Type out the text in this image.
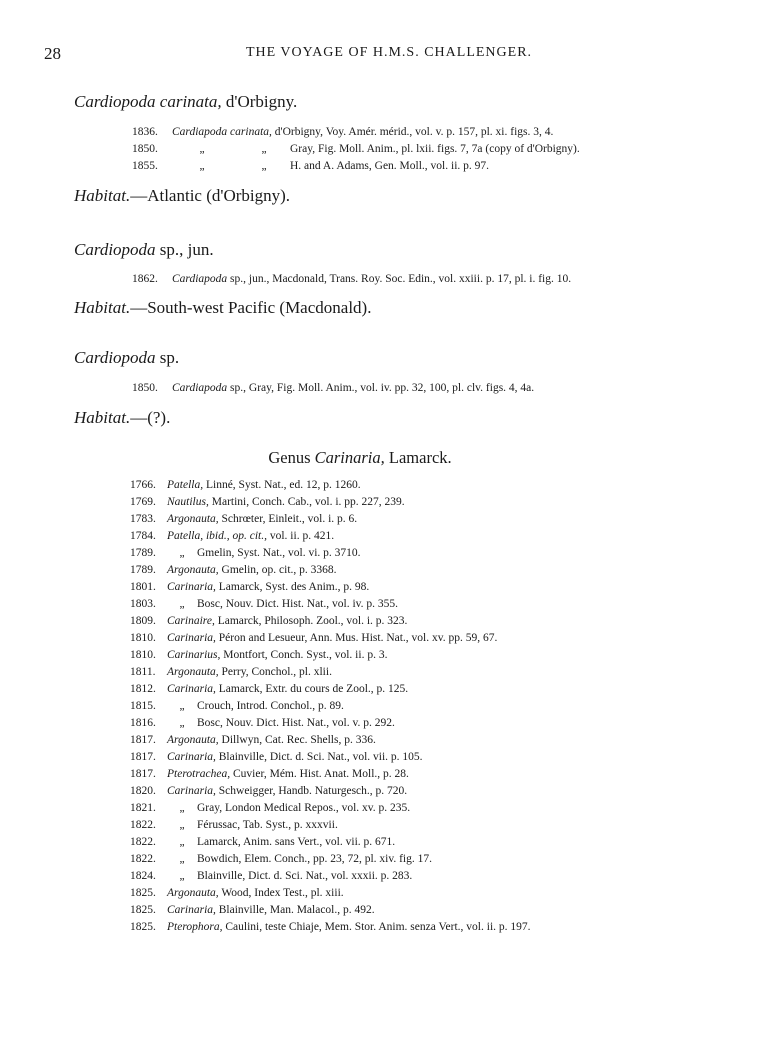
28	THE VOYAGE OF H.M.S. CHALLENGER.
Cardiopoda carinata, d'Orbigny.
1836. Cardiapoda carinata, d'Orbigny, Voy. Amér. mérid., vol. v. p. 157, pl. xi. figs. 3, 4.
1850.	„	„ Gray, Fig. Moll. Anim., pl. lxii. figs. 7, 7a (copy of d'Orbigny).
1855.	„	„ H. and A. Adams, Gen. Moll., vol. ii. p. 97.
Habitat.—Atlantic (d'Orbigny).
Cardiopoda sp., jun.
1862. Cardiapoda sp., jun., Macdonald, Trans. Roy. Soc. Edin., vol. xxiii. p. 17, pl. i. fig. 10.
Habitat.—South-west Pacific (Macdonald).
Cardiopoda sp.
1850. Cardiapoda sp., Gray, Fig. Moll. Anim., vol. iv. pp. 32, 100, pl. clv. figs. 4, 4a.
Habitat.—(?).
Genus Carinaria, Lamarck.
1766. Patella, Linné, Syst. Nat., ed. 12, p. 1260.
1769. Nautilus, Martini, Conch. Cab., vol. i. pp. 227, 239.
1783. Argonauta, Schrœter, Einleit., vol. i. p. 6.
1784. Patella, ibid., op. cit., vol. ii. p. 421.
1789. „ Gmelin, Syst. Nat., vol. vi. p. 3710.
1789. Argonauta, Gmelin, op. cit., p. 3368.
1801. Carinaria, Lamarck, Syst. des Anim., p. 98.
1803. „ Bosc, Nouv. Dict. Hist. Nat., vol. iv. p. 355.
1809. Carinaire, Lamarck, Philosoph. Zool., vol. i. p. 323.
1810. Carinaria, Péron and Lesueur, Ann. Mus. Hist. Nat., vol. xv. pp. 59, 67.
1810. Carinarius, Montfort, Conch. Syst., vol. ii. p. 3.
1811. Argonauta, Perry, Conchol., pl. xlii.
1812. Carinaria, Lamarck, Extr. du cours de Zool., p. 125.
1815. „ Crouch, Introd. Conchol., p. 89.
1816. „ Bosc, Nouv. Dict. Hist. Nat., vol. v. p. 292.
1817. Argonauta, Dillwyn, Cat. Rec. Shells, p. 336.
1817. Carinaria, Blainville, Dict. d. Sci. Nat., vol. vii. p. 105.
1817. Pterotrachea, Cuvier, Mém. Hist. Anat. Moll., p. 28.
1820. Carinaria, Schweigger, Handb. Naturgesch., p. 720.
1821. „ Gray, London Medical Repos., vol. xv. p. 235.
1822. „ Férussac, Tab. Syst., p. xxxvii.
1822. „ Lamarck, Anim. sans Vert., vol. vii. p. 671.
1822. „ Bowdich, Elem. Conch., pp. 23, 72, pl. xiv. fig. 17.
1824. „ Blainville, Dict. d. Sci. Nat., vol. xxxii. p. 283.
1825. Argonauta, Wood, Index Test., pl. xiii.
1825. Carinaria, Blainville, Man. Malacol., p. 492.
1825. Pterophora, Caulini, teste Chiaje, Mem. Stor. Anim. senza Vert., vol. ii. p. 197.
